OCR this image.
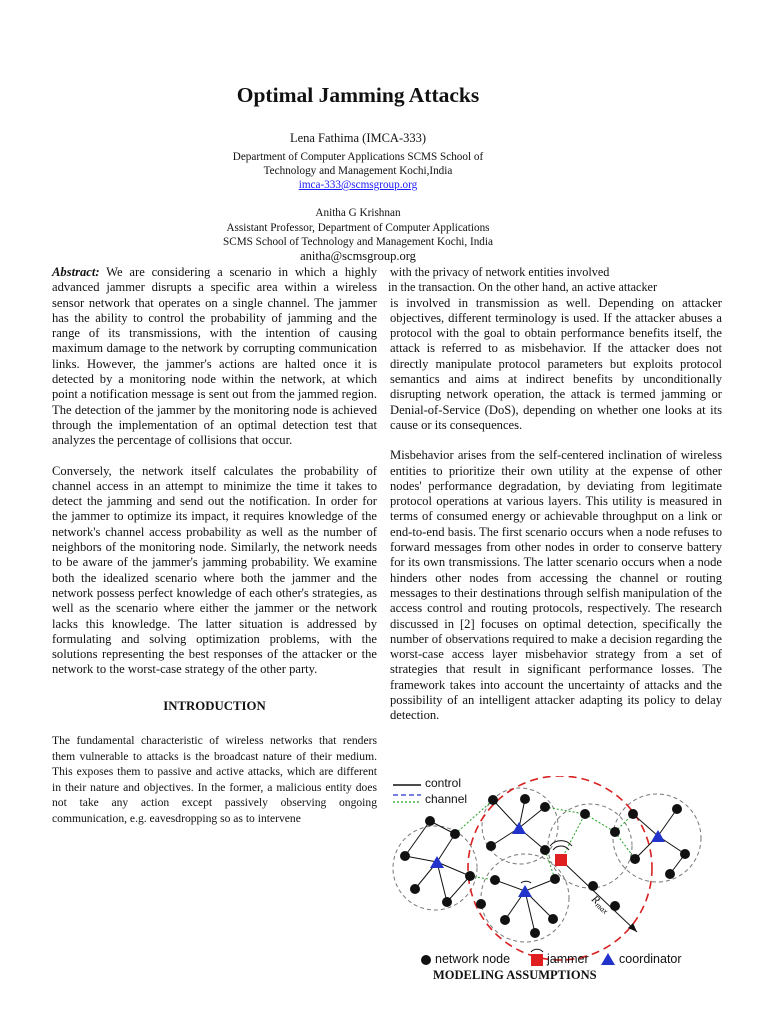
Optimal Jamming Attacks
Lena Fathima (IMCA-333)
Department of Computer Applications SCMS School of
Technology and Management Kochi,India
imca-333@scmsgroup.org
Anitha G Krishnan
Assistant Professor, Department of Computer Applications
SCMS School of Technology and Management Kochi, India
anitha@scmsgroup.org

Abstract: We are considering a scenario in which a highly advanced jammer disrupts a specific area within a wireless sensor network that operates on a single channel. The jammer has the ability to control the probability of jamming and the range of its transmissions, with the intention of causing maximum damage to the network by corrupting communication links. However, the jammer's actions are halted once it is detected by a monitoring node within the network, at which point a notification message is sent out from the jammed region. The detection of the jammer by the monitoring node is achieved through the implementation of an optimal detection test that analyzes the percentage of collisions that occur.

Conversely, the network itself calculates the probability of channel access in an attempt to minimize the time it takes to detect the jamming and send out the notification. In order for the jammer to optimize its impact, it requires knowledge of the network's channel access probability as well as the number of neighbors of the monitoring node. Similarly, the network needs to be aware of the jammer's jamming probability. We examine both the idealized scenario where both the jammer and the network possess perfect knowledge of each other's strategies, as well as the scenario where either the jammer or the network lacks this knowledge. The latter situation is addressed by formulating and solving optimization problems, with the solutions representing the best responses of the attacker or the network to the worst-case strategy of the other party.

INTRODUCTION

The fundamental characteristic of wireless networks that renders them vulnerable to attacks is the broadcast nature of their medium. This exposes them to passive and active attacks, which are different in their nature and objectives. In the former, a malicious entity does not take any action except passively observing ongoing communication, e.g. eavesdropping so as to intervene

with the privacy of network entities involved

in the transaction. On the other hand, an active attacker

is involved in transmission as well. Depending on attacker objectives, different terminology is used. If the attacker abuses a protocol with the goal to obtain performance benefits itself, the attack is referred to as misbehavior. If the attacker does not directly manipulate protocol parameters but exploits protocol semantics and aims at indirect benefits by unconditionally disrupting network operation, the attack is termed jamming or Denial-of-Service (DoS), depending on whether one looks at its cause or its consequences.

Misbehavior arises from the self-centered inclination of wireless entities to prioritize their own utility at the expense of other nodes' performance degradation, by deviating from legitimate protocol operations at various layers. This utility is measured in terms of consumed energy or achievable throughput on a link or end-to-end basis. The first scenario occurs when a node refuses to forward messages from other nodes in order to conserve battery for its own transmissions. The latter scenario occurs when a node hinders other nodes from accessing the channel or routing messages to their destinations through selfish manipulation of the access control and routing protocols, respectively. The research discussed in [2] focuses on optimal detection, specifically the number of observations required to make a decision regarding the worst-case access layer misbehavior strategy from a set of strategies that result in significant performance losses. The framework takes into account the uncertainty of attacks and the possibility of an intelligent attacker adapting its policy to delay detection.

Rmax
control
channel
network node	jammer coordinator
MODELING ASSUMPTIONS
